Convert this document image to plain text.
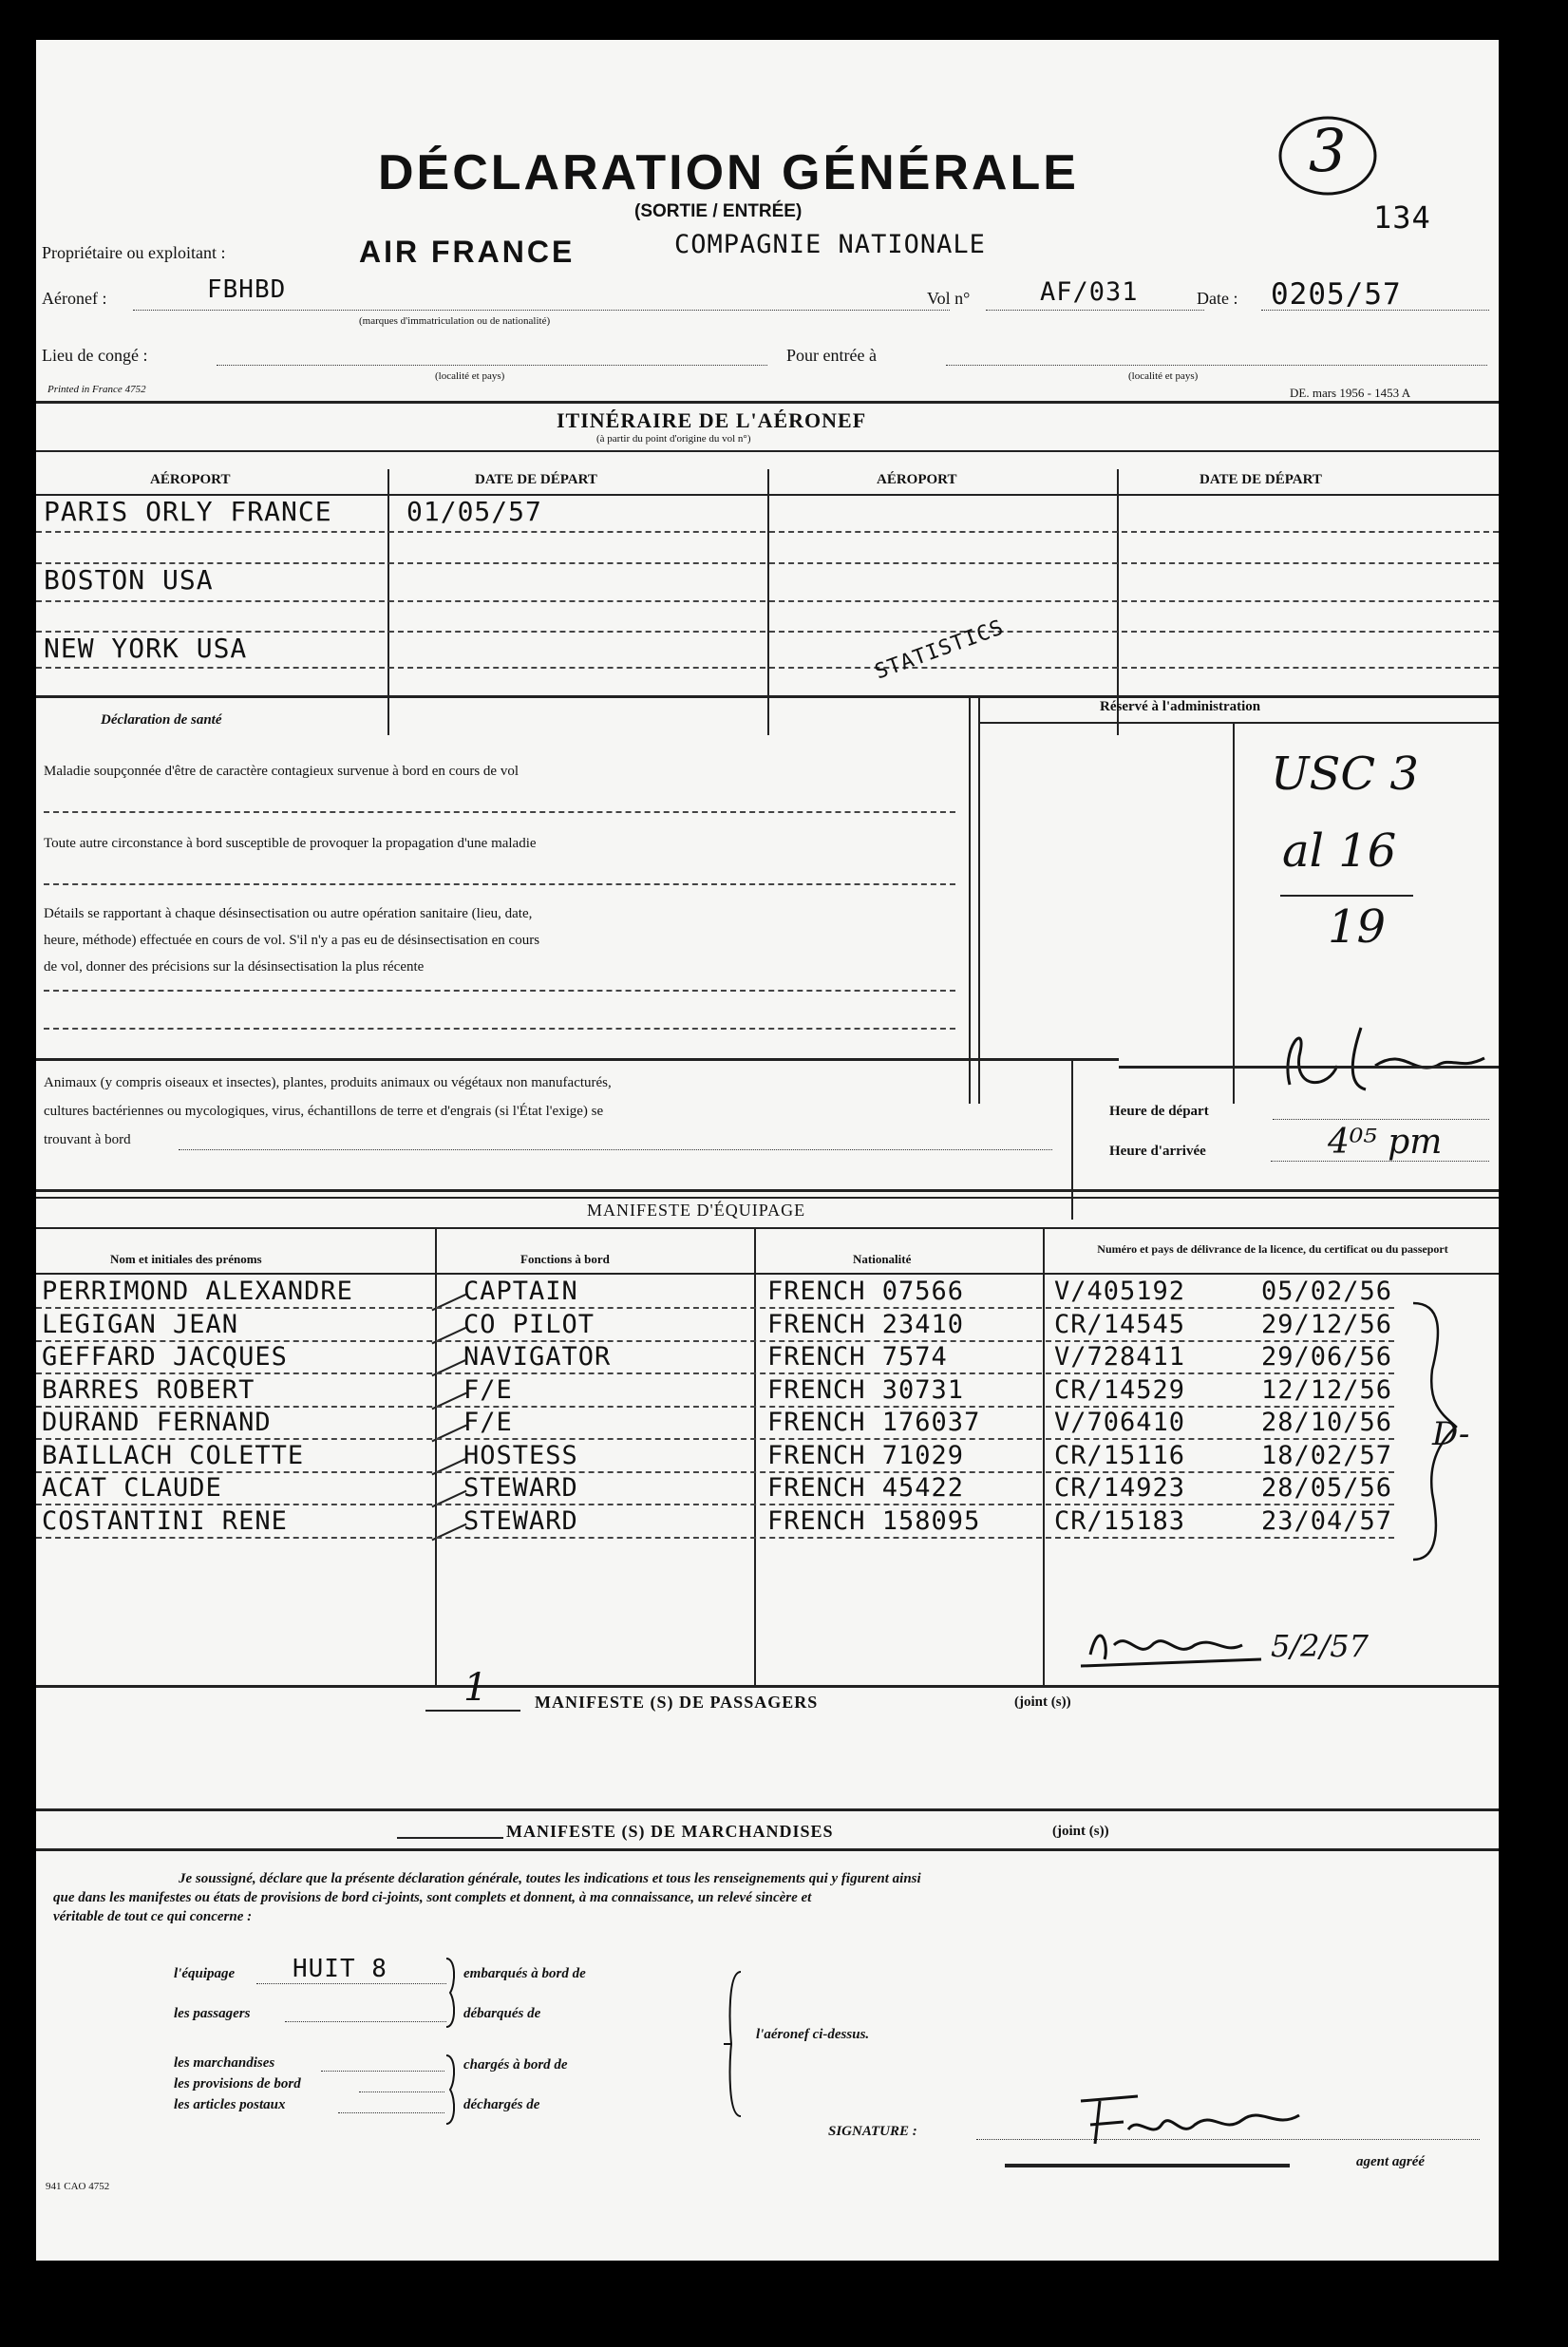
3
134
DÉCLARATION GÉNÉRALE
(SORTIE / ENTRÉE)
Propriétaire ou exploitant :	AIR FRANCE	COMPAGNIE NATIONALE
Aéronef :	FBHBD
(marques d'immatriculation ou de nationalité)
Vol n°	AF/031	Date : 0205/57
Lieu de congé :
(localité et pays)
Pour entrée à
(localité et pays)
Printed in France 4752	DE. mars 1956 - 1453 A
ITINÉRAIRE DE L'AÉRONEF
(à partir du point d'origine du vol n°)
AÉROPORT	DATE DE DÉPART	AÉROPORT	DATE DE DÉPART
PARIS ORLY FRANCE	01/05/57
BOSTON USA
NEW YORK USA	STATISTICS
Réservé à l'administration
Déclaration de santé
Maladie soupçonnée d'être de caractère contagieux survenue à bord en cours de vol
Toute autre circonstance à bord susceptible de provoquer la propagation d'une maladie
Détails se rapportant à chaque désinsectisation ou autre opération sanitaire (lieu, date,
heure, méthode) effectuée en cours de vol. S'il n'y a pas eu de désinsectisation en cours
de vol, donner des précisions sur la désinsectisation la plus récente
USC 3
al 16
19
Animaux (y compris oiseaux et insectes), plantes, produits animaux ou végétaux non manufacturés,
cultures bactériennes ou mycologiques, virus, échantillons de terre et d'engrais (si l'État l'exige) se
trouvant à bord
Heure de départ
Heure d'arrivée	4⁰⁵ pm
MANIFESTE D'ÉQUIPAGE
Nom et initiales des prénoms	Fonctions à bord	Nationalité
Numéro et pays de délivrance de la licence, du certificat ou du passeport
PERRIMOND ALEXANDRE	CAPTAIN	FRENCH 07566	V/405192	05/02/56
LEGIGAN JEAN	CO PILOT	FRENCH 23410	CR/14545	29/12/56
GEFFARD JACQUES	NAVIGATOR	FRENCH 7574	V/728411	29/06/56
BARRES ROBERT	F/E	FRENCH 30731	CR/14529	12/12/56
DURAND FERNAND	F/E	FRENCH 176037	V/706410	28/10/56
BAILLACH COLETTE	HOSTESS	FRENCH 71029	CR/15116	18/02/57
ACAT CLAUDE	STEWARD	FRENCH 45422	CR/14923	28/05/56
COSTANTINI RENE	STEWARD	FRENCH 158095	CR/15183	23/04/57
D-
5/2/57
1	MANIFESTE (S) DE PASSAGERS	(joint (s))
MANIFESTE (S) DE MARCHANDISES	(joint (s))
Je soussigné, déclare que la présente déclaration générale, toutes les indications et tous les renseignements qui y figurent ainsi
que dans les manifestes ou états de provisions de bord ci-joints, sont complets et donnent, à ma connaissance, un relevé sincère et
véritable de tout ce qui concerne :
l'équipage HUIT 8	embarqués à bord de
les passagers	débarqués de
l'aéronef ci-dessus.
les marchandises
les provisions de bord
les articles postaux
chargés à bord de
déchargés de
SIGNATURE :
agent agréé
941 CAO 4752
